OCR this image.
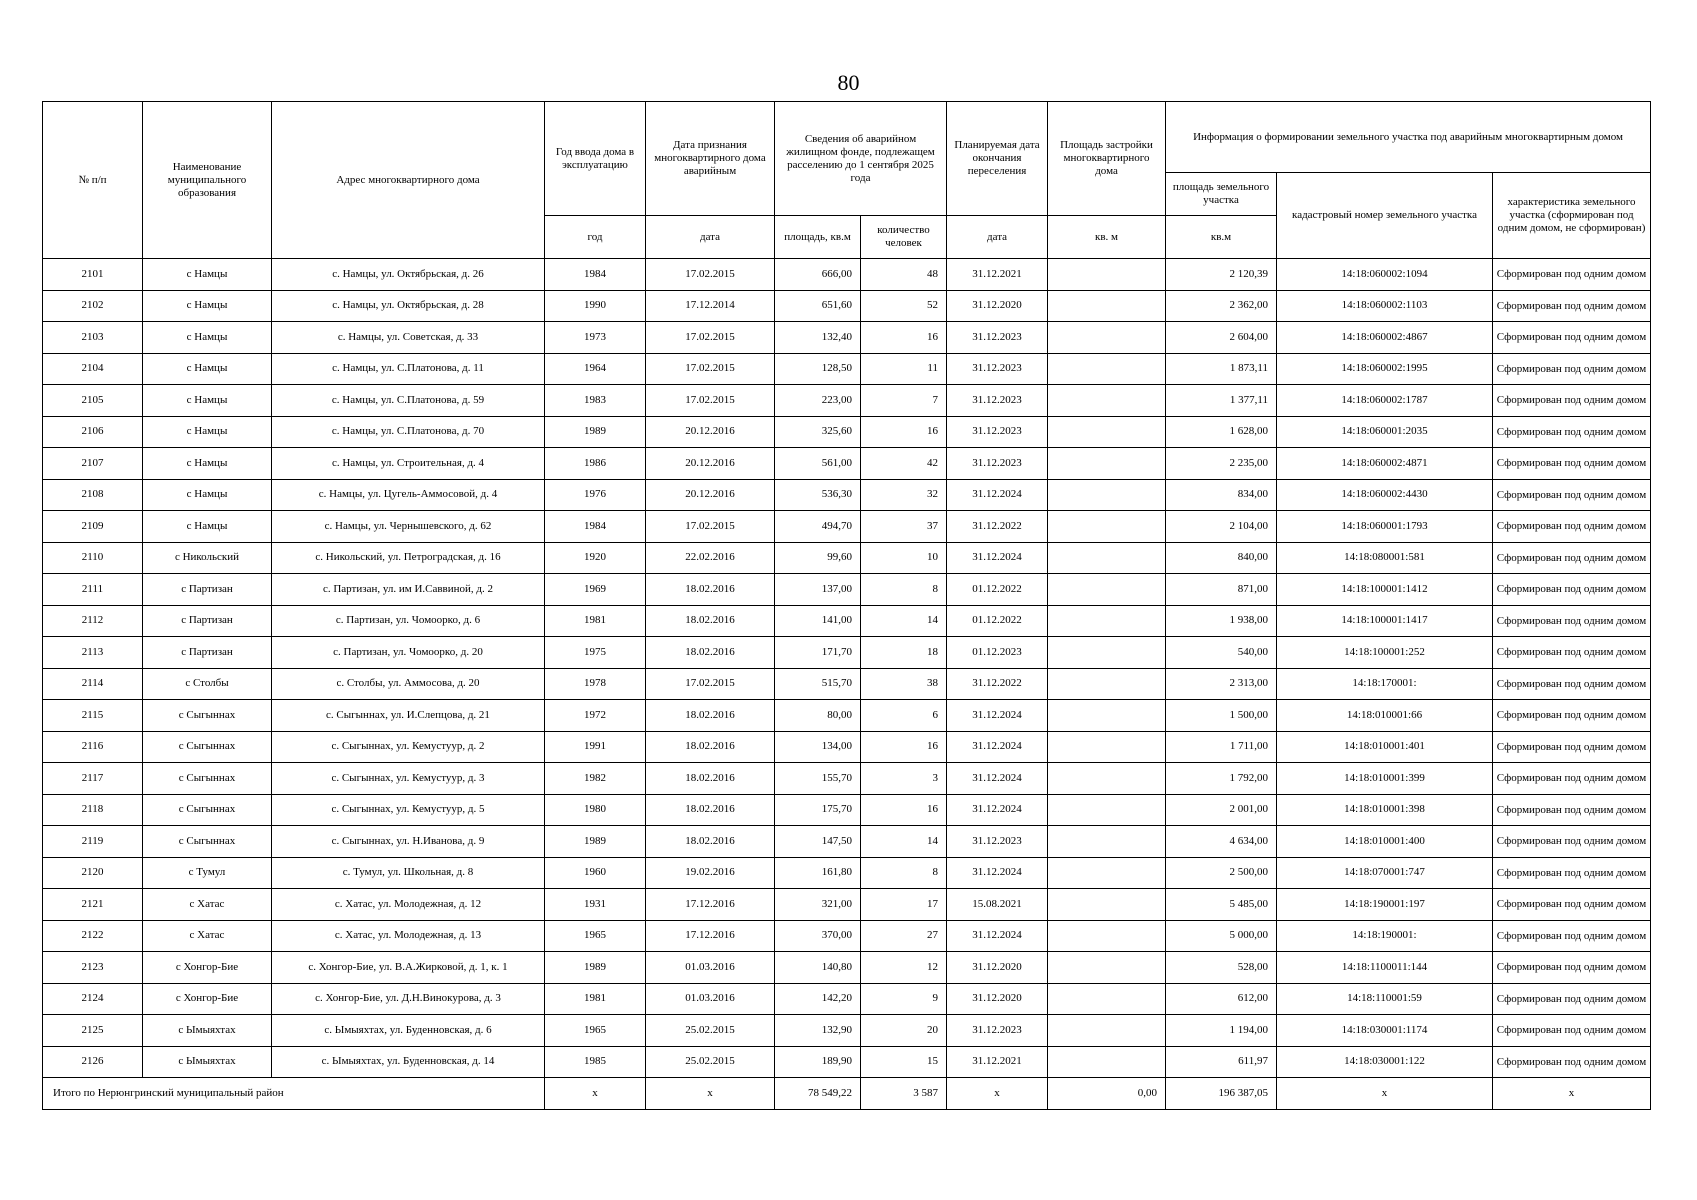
80
№ п/п	Наименование муниципального образования	Адрес многоквартирного дома	Год ввода дома в эксплуатацию	Дата признания многоквартирного дома аварийным	Сведения об аварийном жилищном фонде, подлежащем расселению до 1 сентября 2025 года		Планируемая дата окончания переселения	Площадь застройки многоквартирного дома	Информация о формировании земельного участка под аварийным многоквартирным домом		
									площадь земельного участка	кадастровый номер земельного участка	характеристика земельного участка (сформирован под одним домом, не сформирован)
			год	дата	площадь, кв.м	количество человек	дата	кв. м	кв.м		
2101	с Намцы	с. Намцы, ул. Октябрьская, д. 26	1984	17.02.2015	666,00	48	31.12.2021		2 120,39	14:18:060002:1094	Сформирован под одним домом
2102	с Намцы	с. Намцы, ул. Октябрьская, д. 28	1990	17.12.2014	651,60	52	31.12.2020		2 362,00	14:18:060002:1103	Сформирован под одним домом
2103	с Намцы	с. Намцы, ул. Советская, д. 33	1973	17.02.2015	132,40	16	31.12.2023		2 604,00	14:18:060002:4867	Сформирован под одним домом
2104	с Намцы	с. Намцы, ул. С.Платонова, д. 11	1964	17.02.2015	128,50	11	31.12.2023		1 873,11	14:18:060002:1995	Сформирован под одним домом
2105	с Намцы	с. Намцы, ул. С.Платонова, д. 59	1983	17.02.2015	223,00	7	31.12.2023		1 377,11	14:18:060002:1787	Сформирован под одним домом
2106	с Намцы	с. Намцы, ул. С.Платонова, д. 70	1989	20.12.2016	325,60	16	31.12.2023		1 628,00	14:18:060001:2035	Сформирован под одним домом
2107	с Намцы	с. Намцы, ул. Строительная, д. 4	1986	20.12.2016	561,00	42	31.12.2023		2 235,00	14:18:060002:4871	Сформирован под одним домом
2108	с Намцы	с. Намцы, ул. Цугель-Аммосовой, д. 4	1976	20.12.2016	536,30	32	31.12.2024		834,00	14:18:060002:4430	Сформирован под одним домом
2109	с Намцы	с. Намцы, ул. Чернышевского, д. 62	1984	17.02.2015	494,70	37	31.12.2022		2 104,00	14:18:060001:1793	Сформирован под одним домом
2110	с Никольский	с. Никольский, ул. Петроградская, д. 16	1920	22.02.2016	99,60	10	31.12.2024		840,00	14:18:080001:581	Сформирован под одним домом
2111	с Партизан	с. Партизан, ул. им И.Саввиной, д. 2	1969	18.02.2016	137,00	8	01.12.2022		871,00	14:18:100001:1412	Сформирован под одним домом
2112	с Партизан	с. Партизан, ул. Чомоорко, д. 6	1981	18.02.2016	141,00	14	01.12.2022		1 938,00	14:18:100001:1417	Сформирован под одним домом
2113	с Партизан	с. Партизан, ул. Чомоорко, д. 20	1975	18.02.2016	171,70	18	01.12.2023		540,00	14:18:100001:252	Сформирован под одним домом
2114	с Столбы	с. Столбы, ул. Аммосова, д. 20	1978	17.02.2015	515,70	38	31.12.2022		2 313,00	14:18:170001:	Сформирован под одним домом
2115	с Сыгыннах	с. Сыгыннах, ул. И.Слепцова, д. 21	1972	18.02.2016	80,00	6	31.12.2024		1 500,00	14:18:010001:66	Сформирован под одним домом
2116	с Сыгыннах	с. Сыгыннах, ул. Кемустуур, д. 2	1991	18.02.2016	134,00	16	31.12.2024		1 711,00	14:18:010001:401	Сформирован под одним домом
2117	с Сыгыннах	с. Сыгыннах, ул. Кемустуур, д. 3	1982	18.02.2016	155,70	3	31.12.2024		1 792,00	14:18:010001:399	Сформирован под одним домом
2118	с Сыгыннах	с. Сыгыннах, ул. Кемустуур, д. 5	1980	18.02.2016	175,70	16	31.12.2024		2 001,00	14:18:010001:398	Сформирован под одним домом
2119	с Сыгыннах	с. Сыгыннах, ул. Н.Иванова, д. 9	1989	18.02.2016	147,50	14	31.12.2023		4 634,00	14:18:010001:400	Сформирован под одним домом
2120	с Тумул	с. Тумул, ул. Школьная, д. 8	1960	19.02.2016	161,80	8	31.12.2024		2 500,00	14:18:070001:747	Сформирован под одним домом
2121	с Хатас	с. Хатас, ул. Молодежная, д. 12	1931	17.12.2016	321,00	17	15.08.2021		5 485,00	14:18:190001:197	Сформирован под одним домом
2122	с Хатас	с. Хатас, ул. Молодежная, д. 13	1965	17.12.2016	370,00	27	31.12.2024		5 000,00	14:18:190001:	Сформирован под одним домом
2123	с Хонгор-Бие	с. Хонгор-Бие, ул. В.А.Жирковой, д. 1, к. 1	1989	01.03.2016	140,80	12	31.12.2020		528,00	14:18:1100011:144	Сформирован под одним домом
2124	с Хонгор-Бие	с. Хонгор-Бие, ул. Д.Н.Винокурова, д. 3	1981	01.03.2016	142,20	9	31.12.2020		612,00	14:18:110001:59	Сформирован под одним домом
2125	с Ымыяхтах	с. Ымыяхтах, ул. Буденновская, д. 6	1965	25.02.2015	132,90	20	31.12.2023		1 194,00	14:18:030001:1174	Сформирован под одним домом
2126	с Ымыяхтах	с. Ымыяхтах, ул. Буденновская, д. 14	1985	25.02.2015	189,90	15	31.12.2021		611,97	14:18:030001:122	Сформирован под одним домом
Итого по Нерюнгринский муниципальный район			x	x	78 549,22	3 587	x	0,00	196 387,05	x	x
